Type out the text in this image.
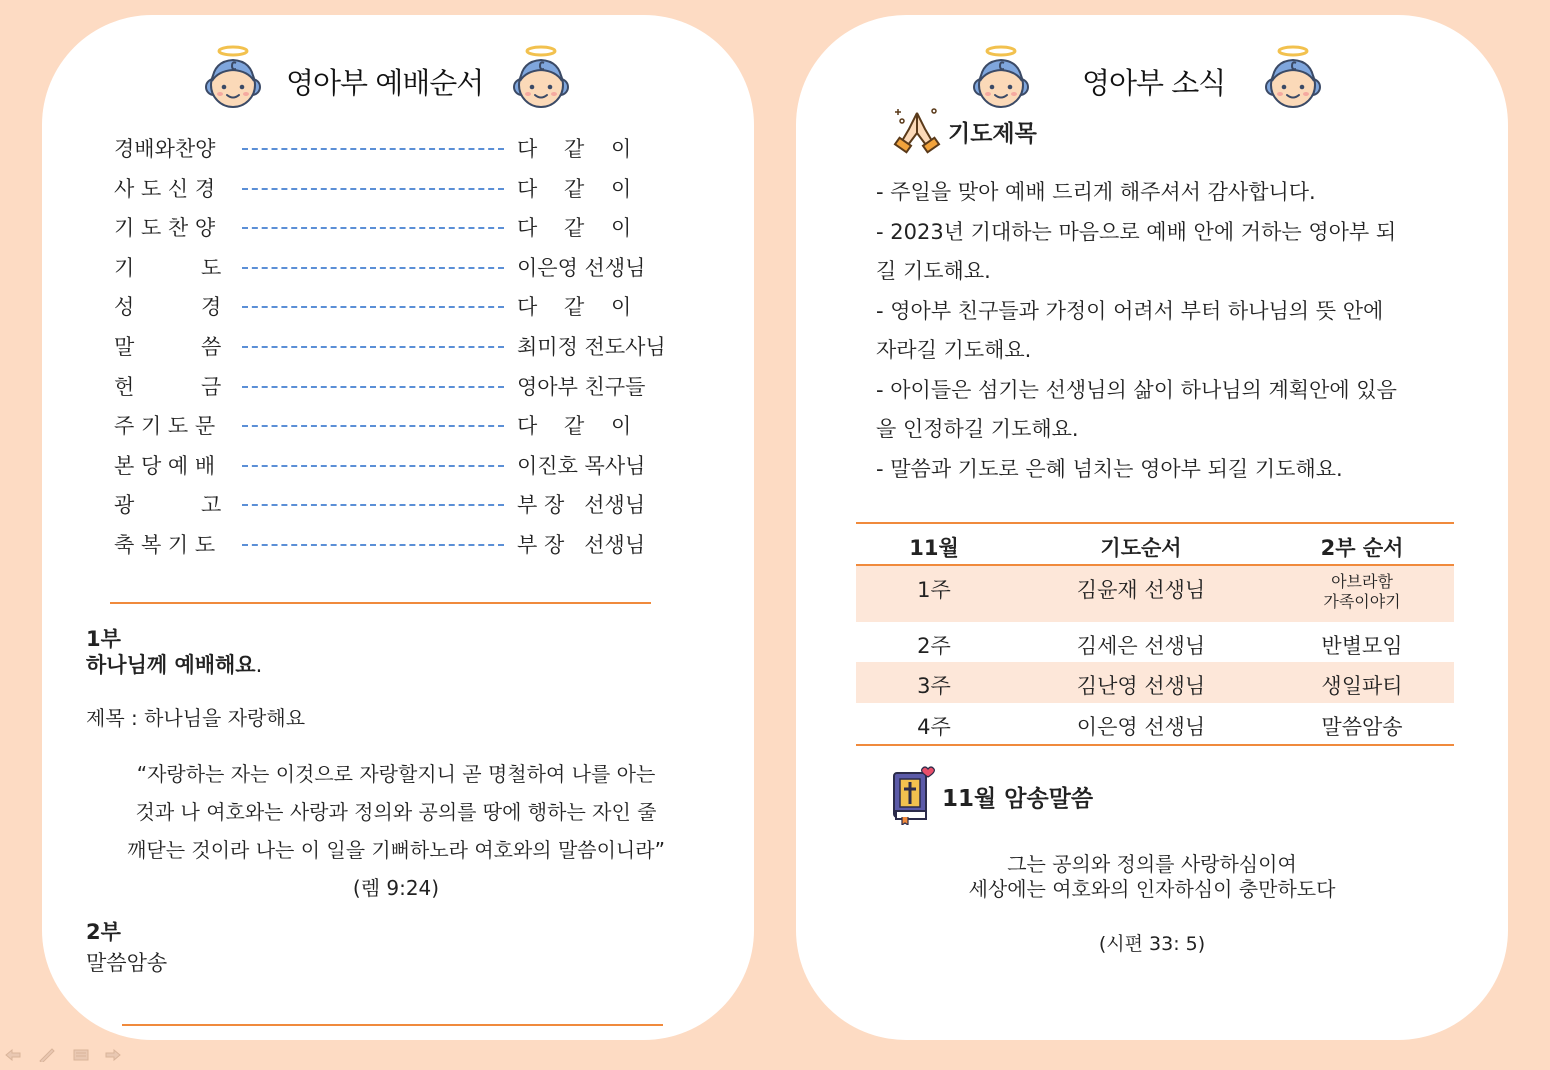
영아부 예배순서
경배와찬양	다    같    이
사 도 신 경	다    같    이
기 도 찬 양	다    같    이
기          도	이은영 선생님
성          경	다    같    이
말          씀	최미정 전도사님
헌          금	영아부 친구들
주 기 도 문	다    같    이
본 당 예 배	이진호 목사님
광          고	부 장   선생님
축 복 기 도	부 장   선생님
1부
하나님께 예배해요.
제목 : 하나님을 자랑해요
“자랑하는 자는 이것으로 자랑할지니 곧 명철하여 나를 아는
것과 나 여호와는 사랑과 정의와 공의를 땅에 행하는 자인 줄
깨닫는 것이라 나는 이 일을 기뻐하노라 여호와의 말씀이니라”
(렘 9:24)
2부
말씀암송
영아부 소식
기도제목
- 주일을 맞아 예배 드리게 해주셔서 감사합니다.
- 2023년 기대하는 마음으로 예배 안에 거하는 영아부 되
길 기도해요.
- 영아부 친구들과 가정이 어려서 부터 하나님의 뜻 안에
자라길 기도해요.
- 아이들은 섬기는 선생님의 삶이 하나님의 계획안에 있음
을 인정하길 기도해요.
- 말씀과 기도로 은혜 넘치는 영아부 되길 기도해요.
11월	기도순서	2부 순서
1주	김윤재 선생님	아브라함
가족이야기
2주	김세은 선생님	반별모임
3주	김난영 선생님	생일파티
4주	이은영 선생님	말씀암송
11월 암송말씀
그는 공의와 정의를 사랑하심이여
세상에는 여호와의 인자하심이 충만하도다
(시편 33: 5)
